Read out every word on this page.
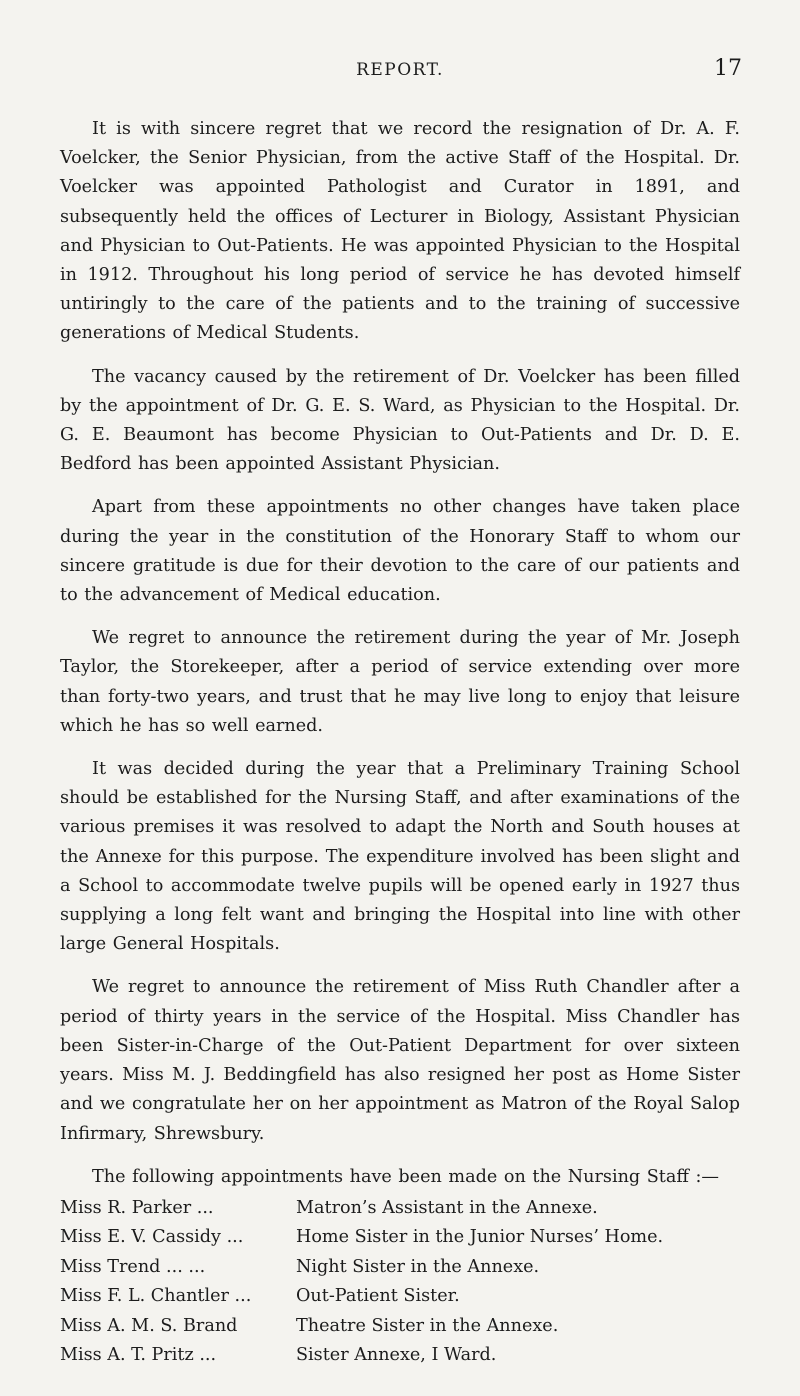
REPORT.	17

It is with sincere regret that we record the resignation of Dr. A. F. Voelcker, the Senior Physician, from the active Staff of the Hospital. Dr. Voelcker was appointed Pathologist and Curator in 1891, and subsequently held the offices of Lecturer in Biology, Assistant Physician and Physician to Out-Patients. He was appointed Physician to the Hospital in 1912. Throughout his long period of service he has devoted himself untiringly to the care of the patients and to the training of successive generations of Medical Students.

The vacancy caused by the retirement of Dr. Voelcker has been filled by the appointment of Dr. G. E. S. Ward, as Physician to the Hospital. Dr. G. E. Beaumont has become Physician to Out-Patients and Dr. D. E. Bedford has been appointed Assistant Physician.

Apart from these appointments no other changes have taken place during the year in the constitution of the Honorary Staff to whom our sincere gratitude is due for their devotion to the care of our patients and to the advancement of Medical education.

We regret to announce the retirement during the year of Mr. Joseph Taylor, the Storekeeper, after a period of service extending over more than forty-two years, and trust that he may live long to enjoy that leisure which he has so well earned.

It was decided during the year that a Preliminary Training School should be established for the Nursing Staff, and after examinations of the various premises it was resolved to adapt the North and South houses at the Annexe for this purpose. The expenditure involved has been slight and a School to accommodate twelve pupils will be opened early in 1927 thus supplying a long felt want and bringing the Hospital into line with other large General Hospitals.

We regret to announce the retirement of Miss Ruth Chandler after a period of thirty years in the service of the Hospital. Miss Chandler has been Sister-in-Charge of the Out-Patient Department for over sixteen years. Miss M. J. Beddingfield has also resigned her post as Home Sister and we congratulate her on her appointment as Matron of the Royal Salop Infirmary, Shrewsbury.

The following appointments have been made on the Nursing Staff :—

Miss R. Parker ...	Matron’s Assistant in the Annexe.
Miss E. V. Cassidy ...	Home Sister in the Junior Nurses’ Home.
Miss Trend ... ...	Night Sister in the Annexe.
Miss F. L. Chantler ...	Out-Patient Sister.
Miss A. M. S. Brand	Theatre Sister in the Annexe.
Miss A. T. Pritz ...	Sister Annexe, I Ward.
